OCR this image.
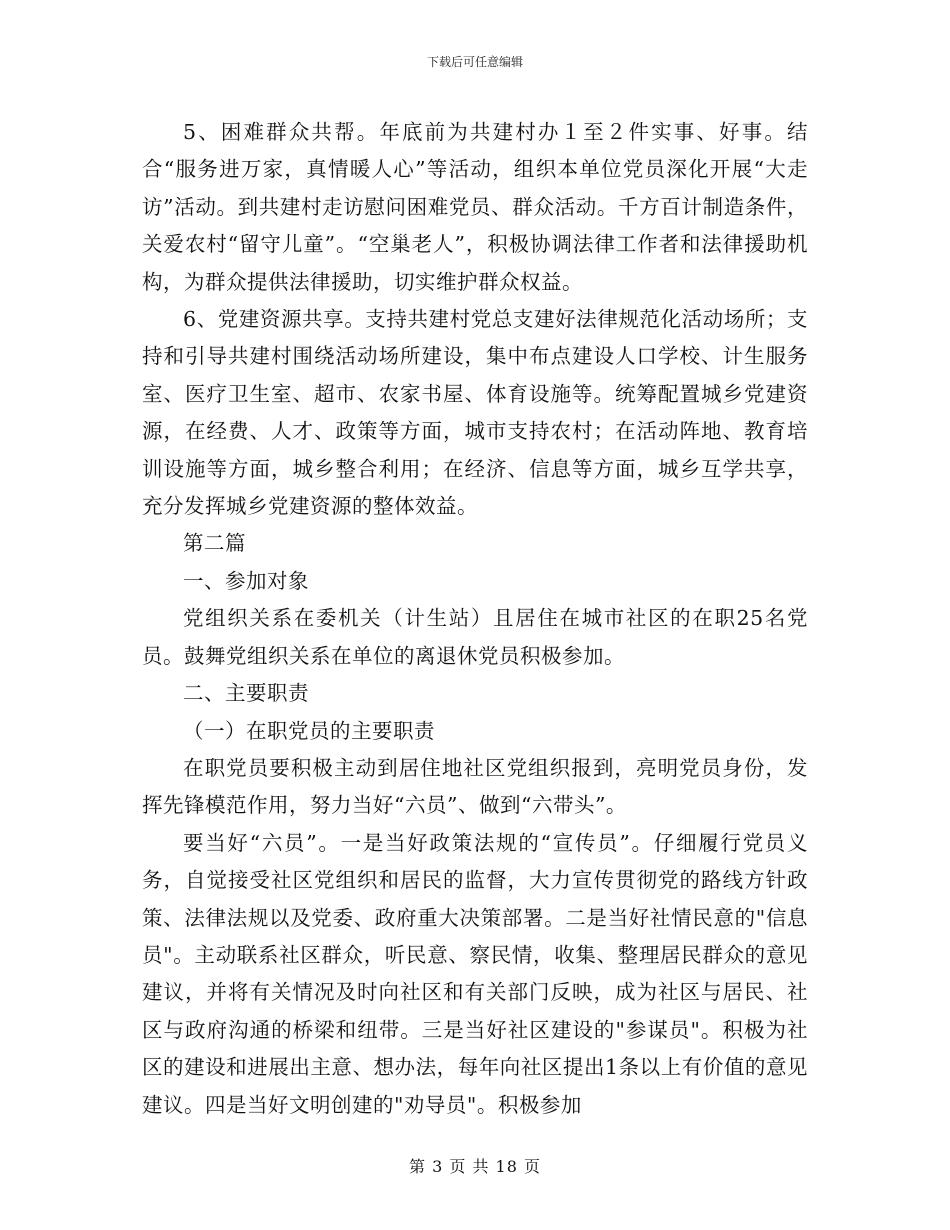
下载后可任意编辑

5、困难群众共帮。年底前为共建村办１至２件实事、好事。结合“服务进万家，真情暖人心”等活动，组织本单位党员深化开展“大走访”活动。到共建村走访慰问困难党员、群众活动。千方百计制造条件，关爱农村“留守儿童”。“空巢老人”，积极协调法律工作者和法律援助机构，为群众提供法律援助，切实维护群众权益。

6、党建资源共享。支持共建村党总支建好法律规范化活动场所；支持和引导共建村围绕活动场所建设，集中布点建设人口学校、计生服务室、医疗卫生室、超市、农家书屋、体育设施等。统筹配置城乡党建资源，在经费、人才、政策等方面，城市支持农村；在活动阵地、教育培训设施等方面，城乡整合利用；在经济、信息等方面，城乡互学共享，充分发挥城乡党建资源的整体效益。

第二篇

一、参加对象

党组织关系在委机关（计生站）且居住在城市社区的在职25名党员。鼓舞党组织关系在单位的离退休党员积极参加。

二、主要职责

（一）在职党员的主要职责

在职党员要积极主动到居住地社区党组织报到，亮明党员身份，发挥先锋模范作用，努力当好“六员”、做到“六带头”。

要当好“六员”。一是当好政策法规的“宣传员”。仔细履行党员义务，自觉接受社区党组织和居民的监督，大力宣传贯彻党的路线方针政策、法律法规以及党委、政府重大决策部署。二是当好社情民意的"信息员"。主动联系社区群众，听民意、察民情，收集、整理居民群众的意见建议，并将有关情况及时向社区和有关部门反映，成为社区与居民、社区与政府沟通的桥梁和纽带。三是当好社区建设的"参谋员"。积极为社区的建设和进展出主意、想办法，每年向社区提出1条以上有价值的意见建议。四是当好文明创建的"劝导员"。积极参加

第 3 页 共 18 页
